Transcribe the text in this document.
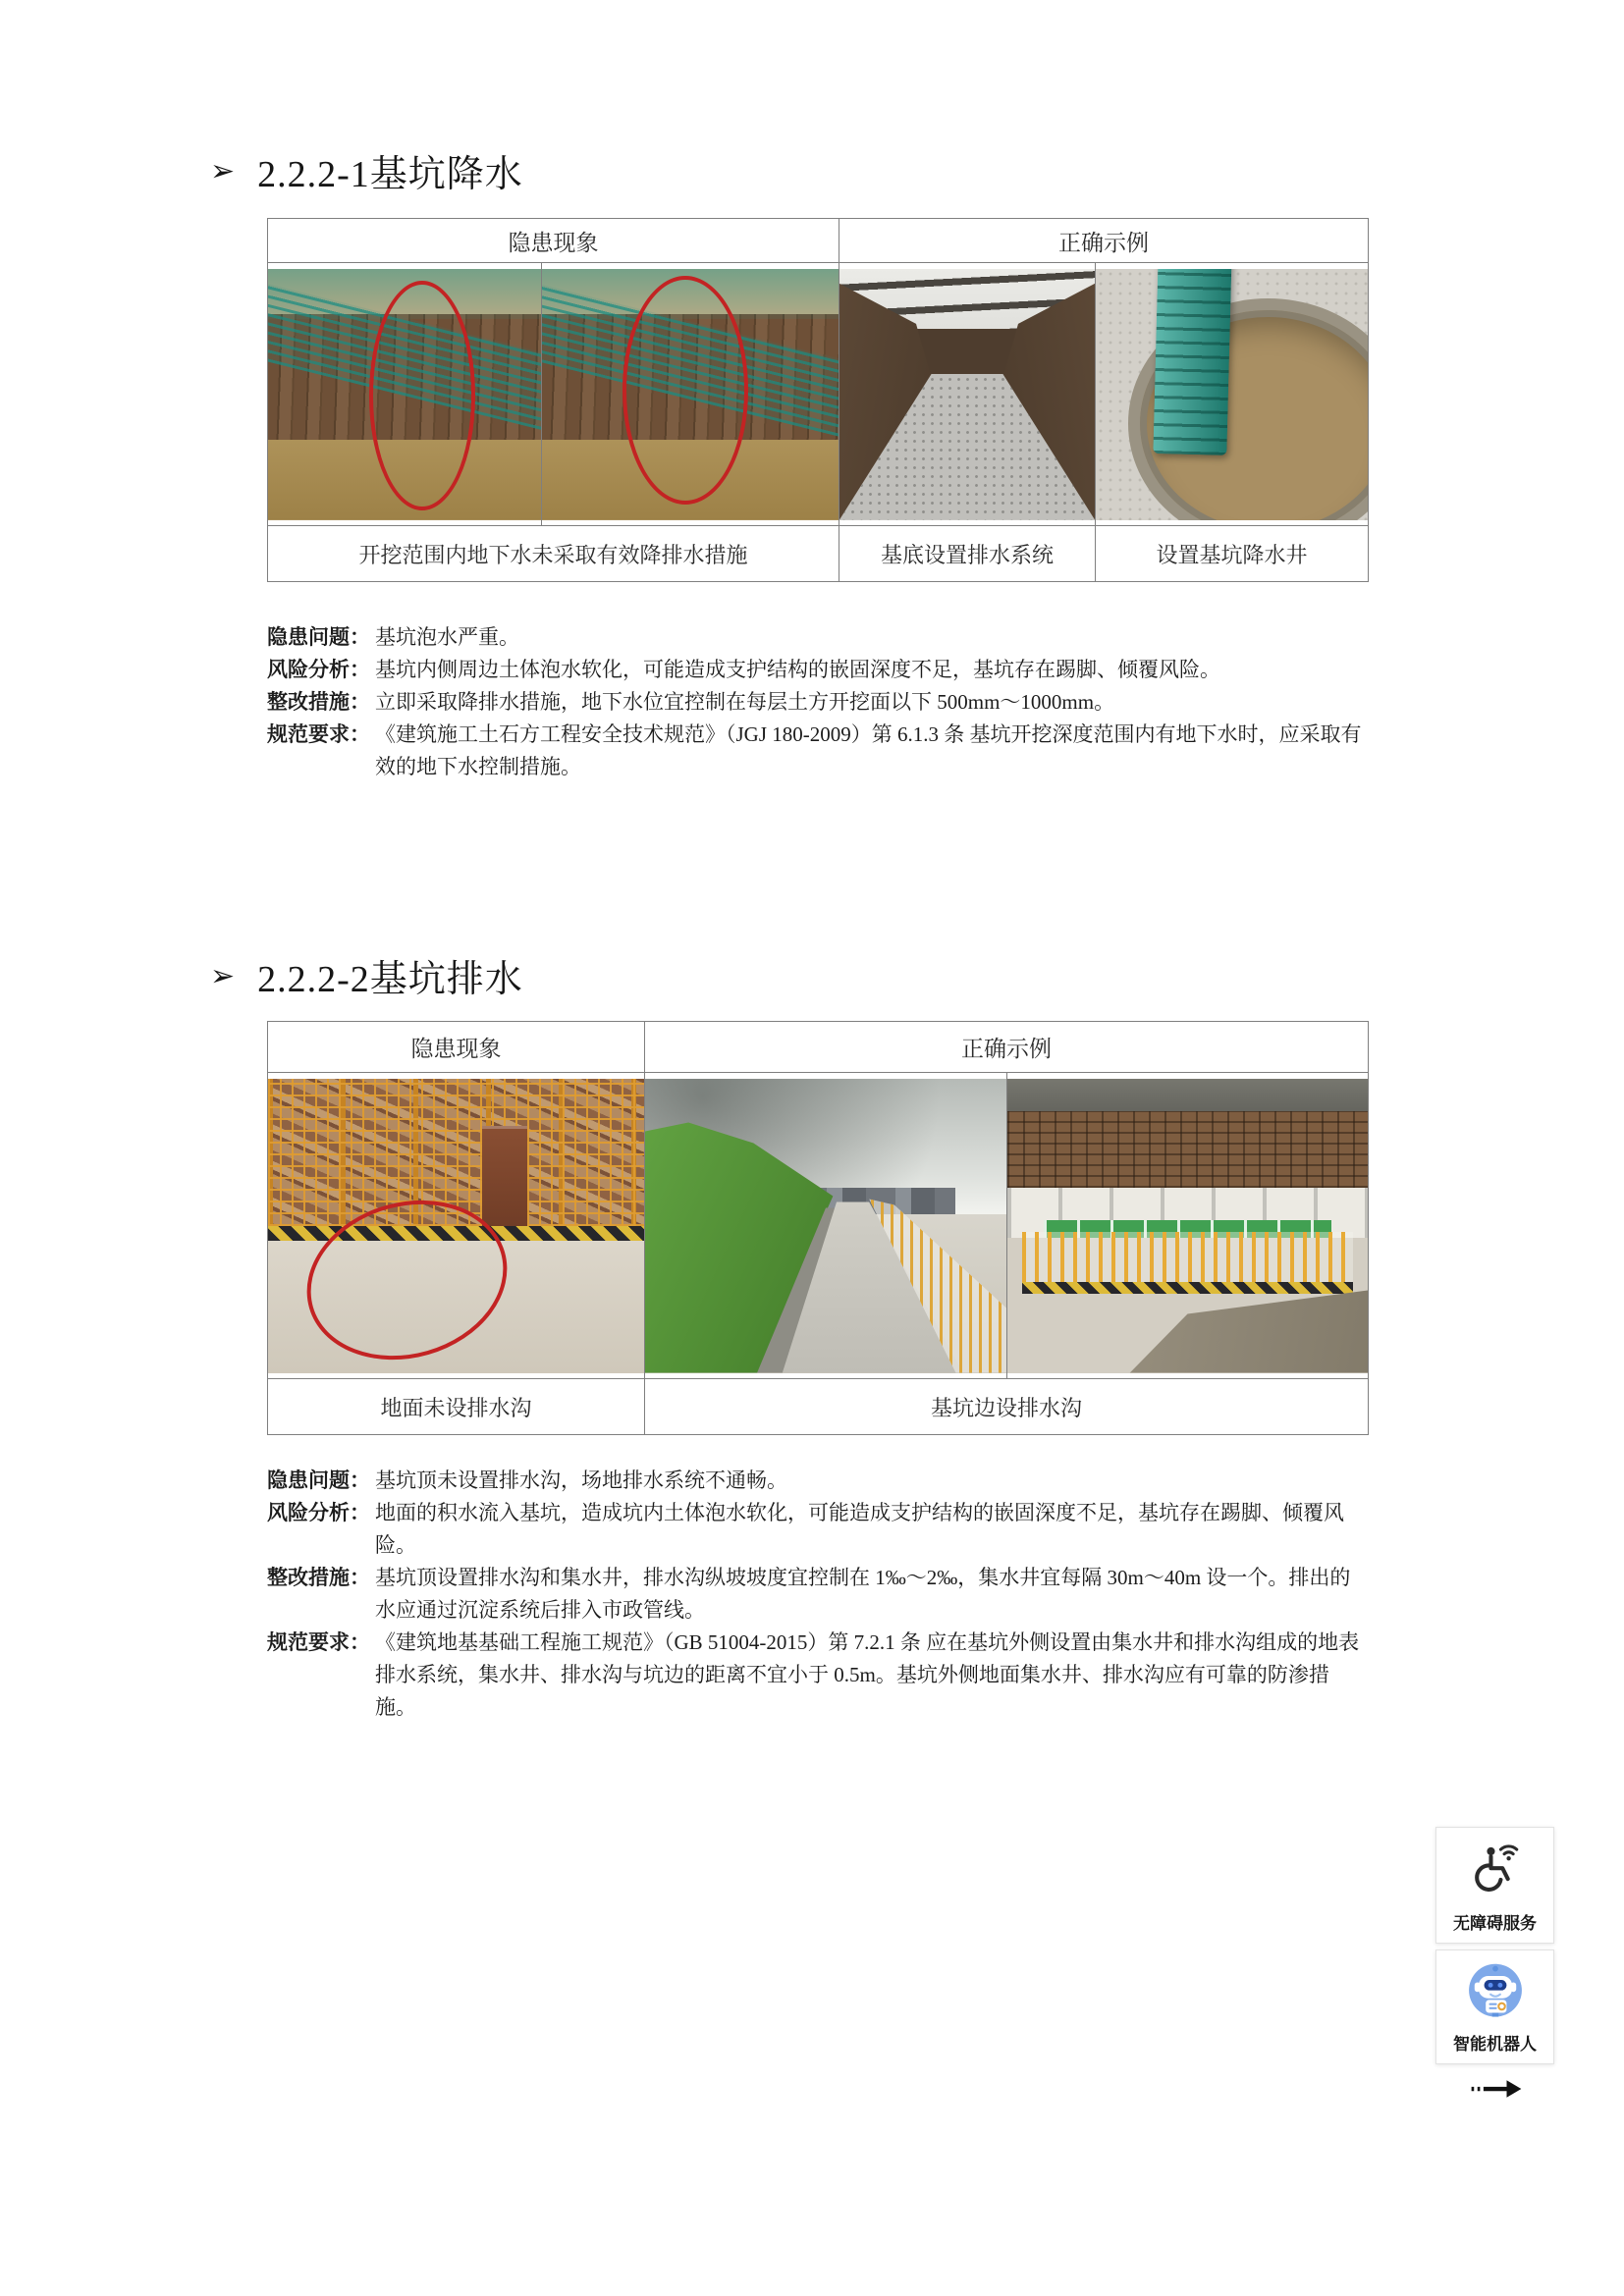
➢ 2.2.2-1基坑降水
隐患现象		正确示例	

开挖范围内地下水未采取有效降排水措施		基底设置排水系统	设置基坑降水井
隐患问题： 基坑泡水严重。
风险分析： 基坑内侧周边土体泡水软化，可能造成支护结构的嵌固深度不足，基坑存在踢脚、倾覆风险。
整改措施： 立即采取降排水措施，地下水位宜控制在每层土方开挖面以下 500mm～1000mm。
规范要求： 《建筑施工土石方工程安全技术规范》（JGJ 180-2009）第 6.1.3 条 基坑开挖深度范围内有地下水时，应采取有效的地下水控制措施。
➢ 2.2.2-2基坑排水
隐患现象	正确示例	

地面未设排水沟	基坑边设排水沟	
隐患问题： 基坑顶未设置排水沟，场地排水系统不通畅。
风险分析： 地面的积水流入基坑，造成坑内土体泡水软化，可能造成支护结构的嵌固深度不足，基坑存在踢脚、倾覆风险。
整改措施： 基坑顶设置排水沟和集水井，排水沟纵坡坡度宜控制在 1‰～2‰，集水井宜每隔 30m～40m 设一个。排出的水应通过沉淀系统后排入市政管线。
规范要求： 《建筑地基基础工程施工规范》（GB 51004-2015）第 7.2.1 条 应在基坑外侧设置由集水井和排水沟组成的地表排水系统，集水井、排水沟与坑边的距离不宜小于 0.5m。基坑外侧地面集水井、排水沟应有可靠的防渗措施。
无障碍服务
智能机器人
